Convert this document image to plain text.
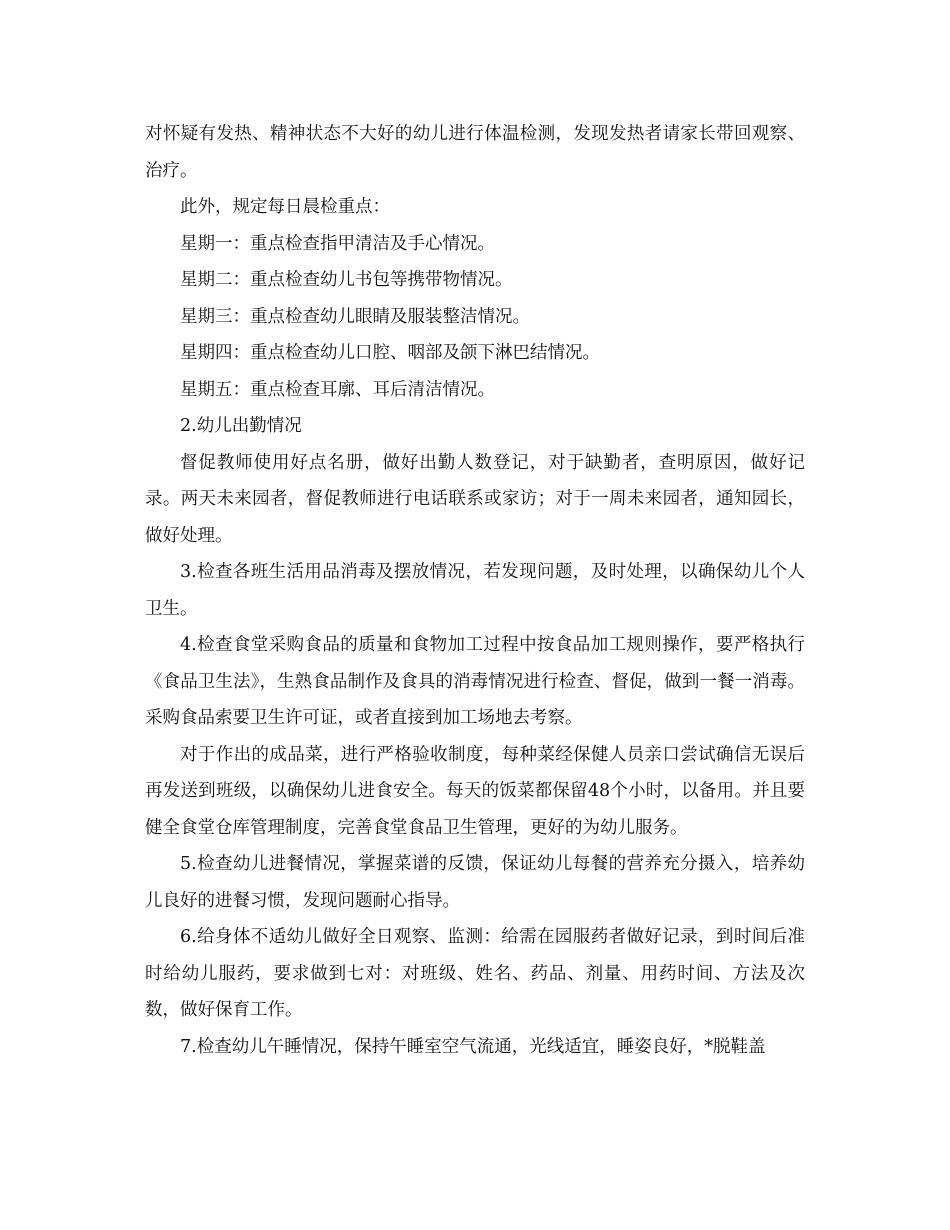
对怀疑有发热、精神状态不大好的幼儿进行体温检测，发现发热者请家长带回观察、治疗。

此外，规定每日晨检重点：

星期一：重点检查指甲清洁及手心情况。

星期二：重点检查幼儿书包等携带物情况。

星期三：重点检查幼儿眼睛及服装整洁情况。

星期四：重点检查幼儿口腔、咽部及颌下淋巴结情况。

星期五：重点检查耳廓、耳后清洁情况。

2.幼儿出勤情况

督促教师使用好点名册，做好出勤人数登记，对于缺勤者，查明原因，做好记录。两天未来园者，督促教师进行电话联系或家访；对于一周未来园者，通知园长，做好处理。

3.检查各班生活用品消毒及摆放情况，若发现问题，及时处理，以确保幼儿个人卫生。

4.检查食堂采购食品的质量和食物加工过程中按食品加工规则操作，要严格执行《食品卫生法》，生熟食品制作及食具的消毒情况进行检查、督促，做到一餐一消毒。采购食品索要卫生许可证，或者直接到加工场地去考察。

对于作出的成品菜，进行严格验收制度，每种菜经保健人员亲口尝试确信无误后再发送到班级，以确保幼儿进食安全。每天的饭菜都保留48个小时，以备用。并且要健全食堂仓库管理制度，完善食堂食品卫生管理，更好的为幼儿服务。

5.检查幼儿进餐情况，掌握菜谱的反馈，保证幼儿每餐的营养充分摄入，培养幼儿良好的进餐习惯，发现问题耐心指导。

6.给身体不适幼儿做好全日观察、监测：给需在园服药者做好记录，到时间后准时给幼儿服药，要求做到七对：对班级、姓名、药品、剂量、用药时间、方法及次数，做好保育工作。

7.检查幼儿午睡情况，保持午睡室空气流通，光线适宜，睡姿良好，*脱鞋盖
